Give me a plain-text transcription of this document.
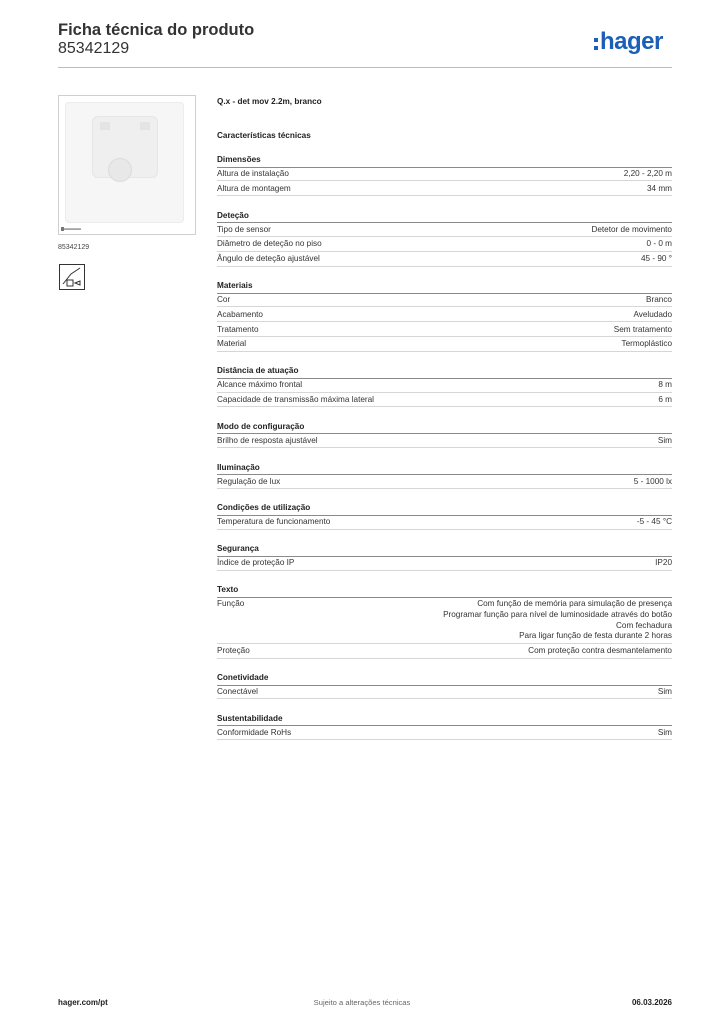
Ficha técnica do produto
85342129	hager
85342129
Q.x - det mov 2.2m, branco
Características técnicas
Dimensões
Altura de instalação	2,20 - 2,20 m
Altura de montagem	34 mm
Deteção
Tipo de sensor	Detetor de movimento
Diâmetro de deteção no piso	0 - 0 m
Ângulo de deteção ajustável	45 - 90 °
Materiais
Cor	Branco
Acabamento	Aveludado
Tratamento	Sem tratamento
Material	Termoplástico
Distância de atuação
Alcance máximo frontal	8 m
Capacidade de transmissão máxima lateral	6 m
Modo de configuração
Brilho de resposta ajustável	Sim
Iluminação
Regulação de lux	5 - 1000 lx
Condições de utilização
Temperatura de funcionamento	-5 - 45 °C
Segurança
Índice de proteção IP	IP20
Texto
Função	Com função de memória para simulação de presença
Programar função para nível de luminosidade através do botão
Com fechadura
Para ligar função de festa durante 2 horas
Proteção	Com proteção contra desmantelamento
Conetividade
Conectável	Sim
Sustentabilidade
Conformidade RoHs	Sim
hager.com/pt	Sujeito a alterações técnicas	06.03.2026
